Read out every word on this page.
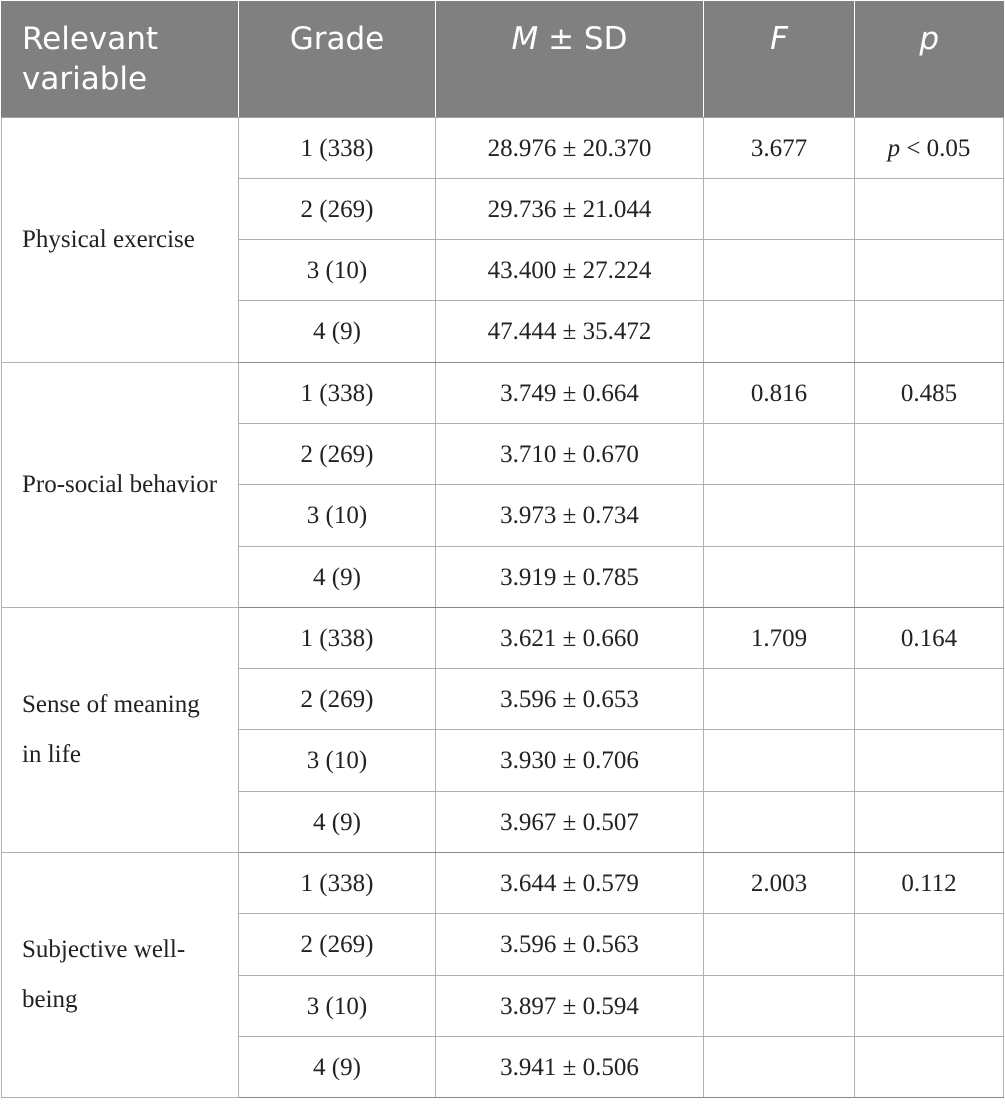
Relevant variable	Grade	M ± SD	F	p
Physical exercise	1 (338)	28.976 ± 20.370	3.677	p < 0.05
	2 (269)	29.736 ± 21.044		
	3 (10)	43.400 ± 27.224		
	4 (9)	47.444 ± 35.472		
Pro-social behavior	1 (338)	3.749 ± 0.664	0.816	0.485
	2 (269)	3.710 ± 0.670		
	3 (10)	3.973 ± 0.734		
	4 (9)	3.919 ± 0.785		
Sense of meaning in life	1 (338)	3.621 ± 0.660	1.709	0.164
	2 (269)	3.596 ± 0.653		
	3 (10)	3.930 ± 0.706		
	4 (9)	3.967 ± 0.507		
Subjective well-being	1 (338)	3.644 ± 0.579	2.003	0.112
	2 (269)	3.596 ± 0.563		
	3 (10)	3.897 ± 0.594		
	4 (9)	3.941 ± 0.506		
